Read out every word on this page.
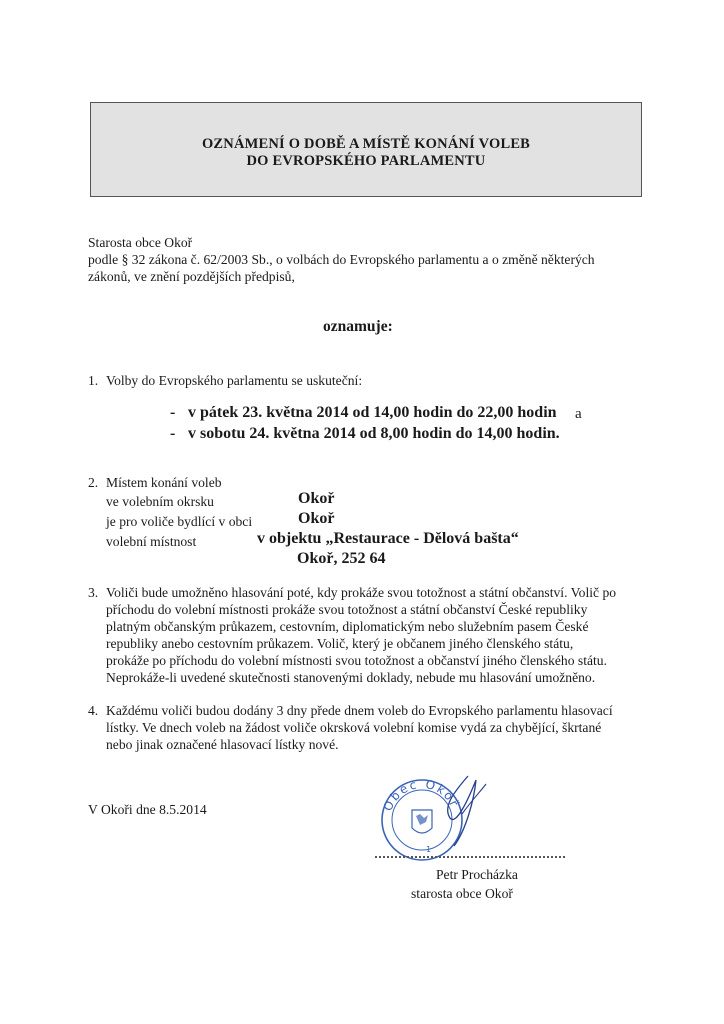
OZNÁMENÍ O DOBĚ A MÍSTĚ KONÁNÍ VOLEB
DO EVROPSKÉHO PARLAMENTU
Starosta obce Okoř
podle § 32 zákona č. 62/2003 Sb., o volbách do Evropského parlamentu a o změně některých
zákonů, ve znění pozdějších předpisů,
oznamuje:
1. Volby do Evropského parlamentu se uskuteční:
- v pátek 23. května 2014 od 14,00 hodin do 22,00 hodin a
- v sobotu 24. května 2014 od 8,00 hodin do 14,00 hodin.
2. Místem konání voleb
ve volebním okrsku	Okoř
je pro voliče bydlící v obci	Okoř
volební místnost	v objektu „Restaurace - Dělová bašta“
Okoř, 252 64
3. Voliči bude umožněno hlasování poté, kdy prokáže svou totožnost a státní občanství. Volič po
příchodu do volební místnosti prokáže svou totožnost a státní občanství České republiky
platným občanským průkazem, cestovním, diplomatickým nebo služebním pasem České
republiky anebo cestovním průkazem. Volič, který je občanem jiného členského státu,
prokáže po příchodu do volební místnosti svou totožnost a občanství jiného členského státu.
Neprokáže-li uvedené skutečnosti stanovenými doklady, nebude mu hlasování umožněno.
4. Každému voliči budou dodány 3 dny přede dnem voleb do Evropského parlamentu hlasovací
lístky. Ve dnech voleb na žádost voliče okrsková volební komise vydá za chybějící, škrtané
nebo jinak označené hlasovací lístky nové.
V Okoři dne 8.5.2014	Obec Okoř
1
Petr Procházka
starosta obce Okoř
